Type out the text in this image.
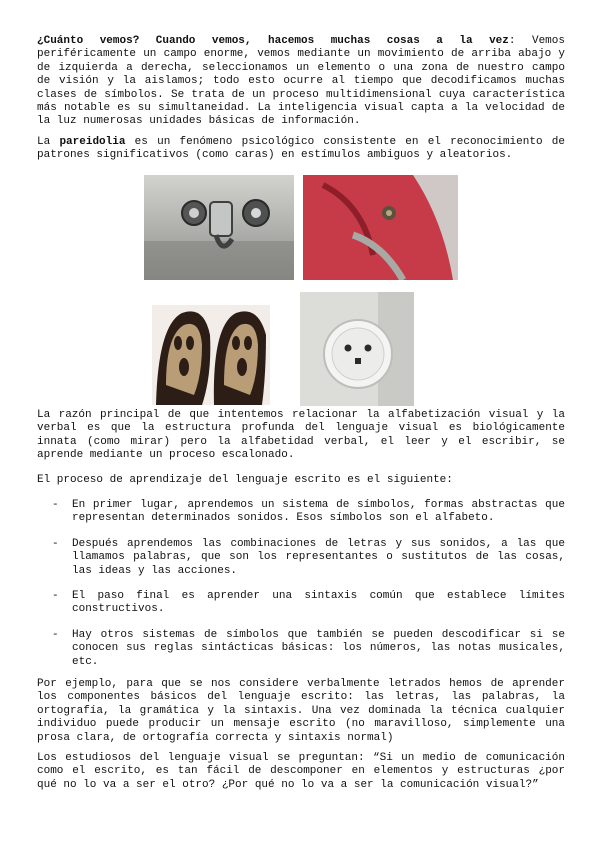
¿Cuánto vemos? Cuando vemos, hacemos muchas cosas a la vez: Vemos periféricamente un campo enorme, vemos mediante un movimiento de arriba abajo y de izquierda a derecha, seleccionamos un elemento o una zona de nuestro campo de visión y la aislamos; todo esto ocurre al tiempo que decodificamos muchas clases de símbolos. Se trata de un proceso multidimensional cuya característica más notable es su simultaneidad. La inteligencia visual capta a la velocidad de la luz numerosas unidades básicas de información.

La pareidolia es un fenómeno psicológico consistente en el reconocimiento de patrones significativos (como caras) en estímulos ambiguos y aleatorios.

La razón principal de que intentemos relacionar la alfabetización visual y la verbal es que la estructura profunda del lenguaje visual es biológicamente innata (como mirar) pero la alfabetidad verbal, el leer y el escribir, se aprende mediante un proceso escalonado.

El proceso de aprendizaje del lenguaje escrito es el siguiente:

- En primer lugar, aprendemos un sistema de símbolos, formas abstractas que representan determinados sonidos. Esos símbolos son el alfabeto.
- Después aprendemos las combinaciones de letras y sus sonidos, a las que llamamos palabras, que son los representantes o sustitutos de las cosas, las ideas y las acciones.
- El paso final es aprender una sintaxis común que establece límites constructivos.
- Hay otros sistemas de símbolos que también se pueden descodificar si se conocen sus reglas sintácticas básicas: los números, las notas musicales, etc.

Por ejemplo, para que se nos considere verbalmente letrados hemos de aprender los componentes básicos del lenguaje escrito: las letras, las palabras, la ortografía, la gramática y la sintaxis. Una vez dominada la técnica cualquier individuo puede producir un mensaje escrito (no maravilloso, simplemente una prosa clara, de ortografía correcta y sintaxis normal)

Los estudiosos del lenguaje visual se preguntan: “Si un medio de comunicación como el escrito, es tan fácil de descomponer en elementos y estructuras ¿por qué no lo va a ser el otro? ¿Por qué no lo va a ser la comunicación visual?”
